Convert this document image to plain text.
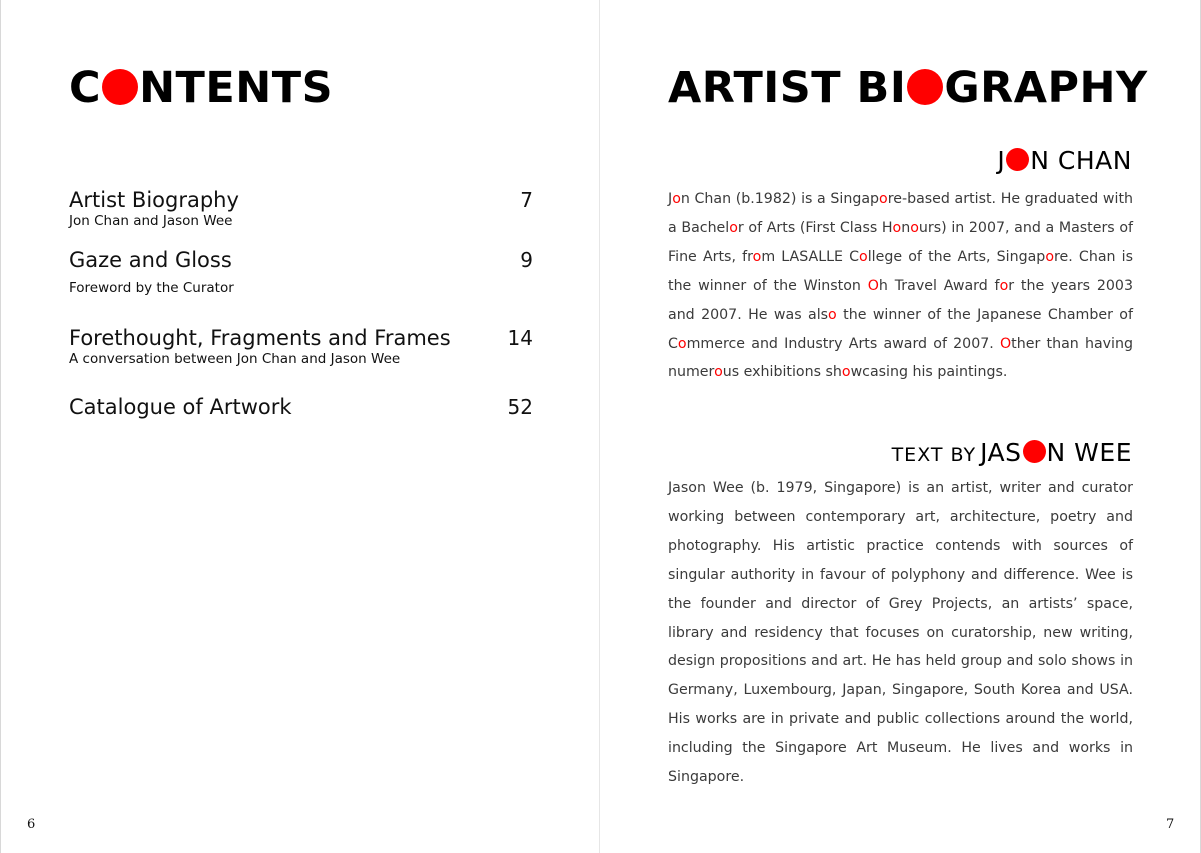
C NTENTS
Artist Biography	7
Jon Chan and Jason Wee
Gaze and Gloss	9
Foreword by the Curator
Forethought, Fragments and Frames	14
A conversation between Jon Chan and Jason Wee
Catalogue of Artwork	52
6
ARTIST BI GRAPHY
J N CHAN

Jon Chan (b.1982) is a Singapore-based artist. He graduated with a Bachelor of Arts (First Class Honours) in 2007, and a Masters of Fine Arts, from LASALLE College of the Arts, Singapore. Chan is the winner of the Winston Oh Travel Award for the years 2003 and 2007. He was also the winner of the Japanese Chamber of Commerce and Industry Arts award of 2007. Other than having numerous exhibitions showcasing his paintings.

TEXT BY JAS N WEE

Jason Wee (b. 1979, Singapore) is an artist, writer and curator working between contemporary art, architecture, poetry and photography. His artistic practice contends with sources of singular authority in favour of polyphony and difference. Wee is the founder and director of Grey Projects, an artists’ space, library and residency that focuses on curatorship, new writing, design propositions and art. He has held group and solo shows in Germany, Luxembourg, Japan, Singapore, South Korea and USA. His works are in private and public collections around the world, including the Singapore Art Museum. He lives and works in Singapore.

7
